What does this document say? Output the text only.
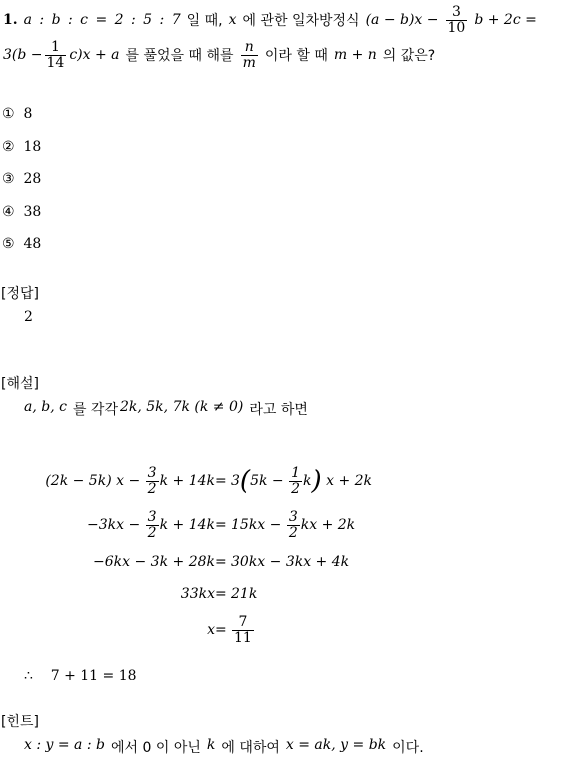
1. a : b : c = 2 : 5 : 7 일 때, x 에 관한 일차방정식 $(a - b)x - \frac{3}{10}$ b + 2c =
$3(b - \frac{1}{14} c)x + a$ 를 풀었을 때 해를 $\frac{n}{m}$ 이라 할 때 m + n 의 값은?
① 8
② 18
③ 28
④ 38
⑤ 48
[정답]
2
[해설]
a, b, c 를 각각 2k, 5k, 7k (k ≠ 0) 라고 하면
(2k − 5k) x −
$\frac{3}{2}$ k + 14k = 3 ( 5k −
$\frac{1}{2}$ k )
x + 2k
−3kx −
$\frac{3}{2}$ k + 14k = 15kx −
$\frac{3}{2}$ kx + 2k
−6kx − 3k + 28k = 30kx − 3kx + 4k
33kx = 21k
$x = \frac{7}{11}$
∴ 7 + 11 = 18
[힌트]
x : y = a : b 에서 0 이 아닌 k 에 대하여 x = ak, y = bk 이다.
